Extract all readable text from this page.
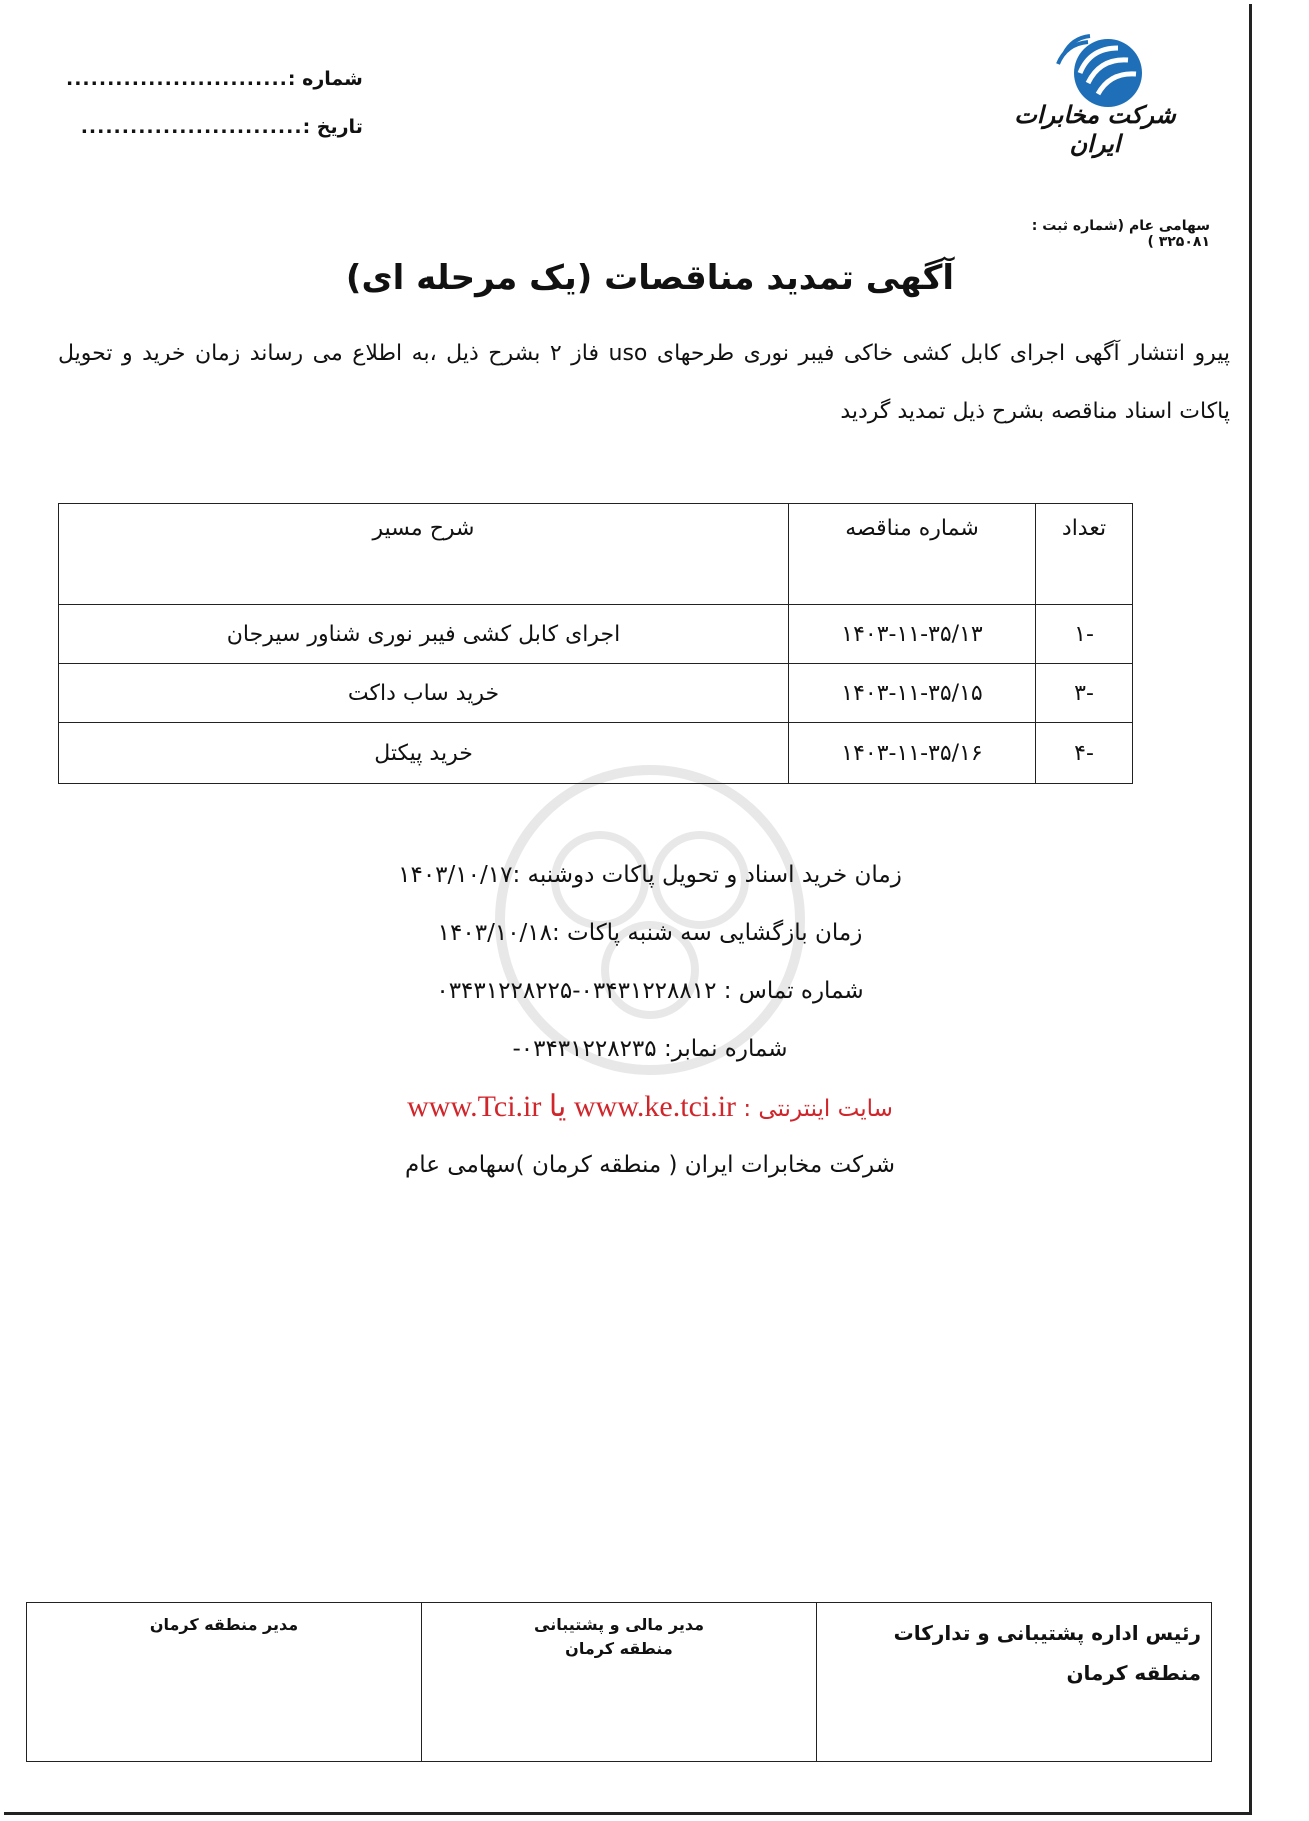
شماره :
...........................
تاریخ :
...........................	شرکت مخابرات ایران
سهامی عام (شماره ثبت : ۳۲۵۰۸۱ )
آگهی تمدید مناقصات (یک مرحله ای)
پیرو انتشار آگهی اجرای کابل کشی خاکی فیبر نوری طرحهای uso فاز ۲ بشرح ذیل ،به اطلاع می رساند زمان خرید و تحویل پاکات اسناد مناقصه بشرح ذیل تمدید گردید
تعداد	شماره مناقصه	شرح مسیر
-۱	۱۴۰۳-۱۱-۳۵/۱۳	اجرای کابل کشی فیبر نوری شناور سیرجان
-۳	۱۴۰۳-۱۱-۳۵/۱۵	خرید ساب داکت
-۴	۱۴۰۳-۱۱-۳۵/۱۶	خرید پیکتل
زمان خرید اسناد و تحویل پاکات دوشنبه :۱۴۰۳/۱۰/۱۷
زمان بازگشایی سه شنبه پاکات :۱۴۰۳/۱۰/۱۸
شماره تماس : ۰۳۴۳۱۲۲۸۸۱۲-۰۳۴۳۱۲۲۸۲۲۵
شماره نمابر: ۰۳۴۳۱۲۲۸۲۳۵-
سایت اینترنتی : www.ke.tci.ir یا www.Tci.ir
شرکت مخابرات ایران ( منطقه کرمان )سهامی عام
رئیس اداره پشتیبانی و تدارکات
منطقه کرمان

مدیر مالی و پشتیبانی
منطقه کرمان

مدیر منطقه کرمان
